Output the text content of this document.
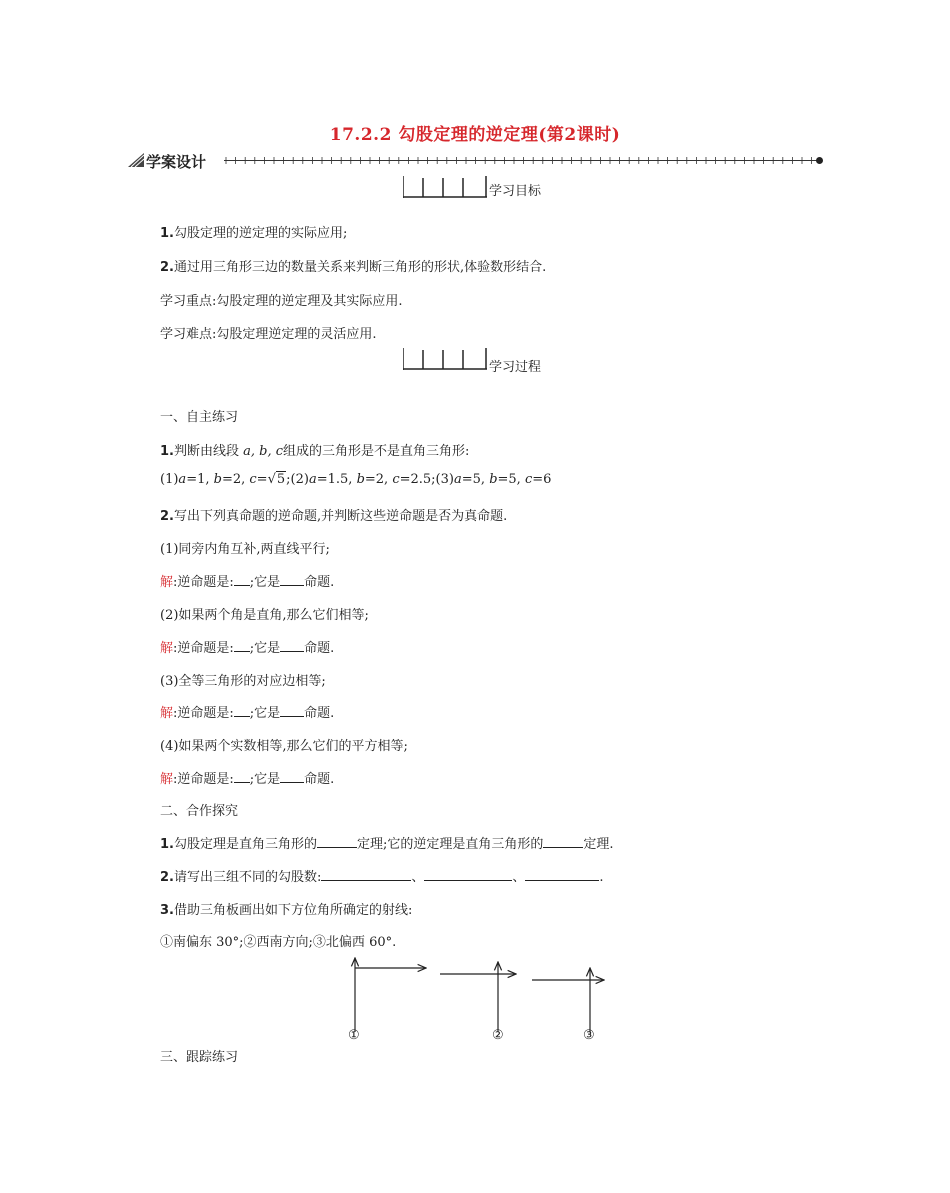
17.2.2 勾股定理的逆定理(第2课时)
学案设计
学习目标
1.勾股定理的逆定理的实际应用;
2.通过用三角形三边的数量关系来判断三角形的形状,体验数形结合.
学习重点:勾股定理的逆定理及其实际应用.
学习难点:勾股定理逆定理的灵活应用.
学习过程
一、自主练习
1.判断由线段 a, b, c组成的三角形是不是直角三角形:
(1)a=1, b=2, c=√5;(2)a=1.5, b=2, c=2.5;(3)a=5, b=5, c=6
2.写出下列真命题的逆命题,并判断这些逆命题是否为真命题.
(1)同旁内角互补,两直线平行;
解:逆命题是: ;它是 命题.
(2)如果两个角是直角,那么它们相等;
解:逆命题是: ;它是 命题.
(3)全等三角形的对应边相等;
解:逆命题是: ;它是 命题.
(4)如果两个实数相等,那么它们的平方相等;
解:逆命题是: ;它是 命题.
二、合作探究
1.勾股定理是直角三角形的	定理;它的逆定理是直角三角形的	定理.
2.请写出三组不同的勾股数:	、	、	.
3.借助三角板画出如下方位角所确定的射线:
①南偏东 30°;②西南方向;③北偏西 60°.
①	②	③
三、跟踪练习
